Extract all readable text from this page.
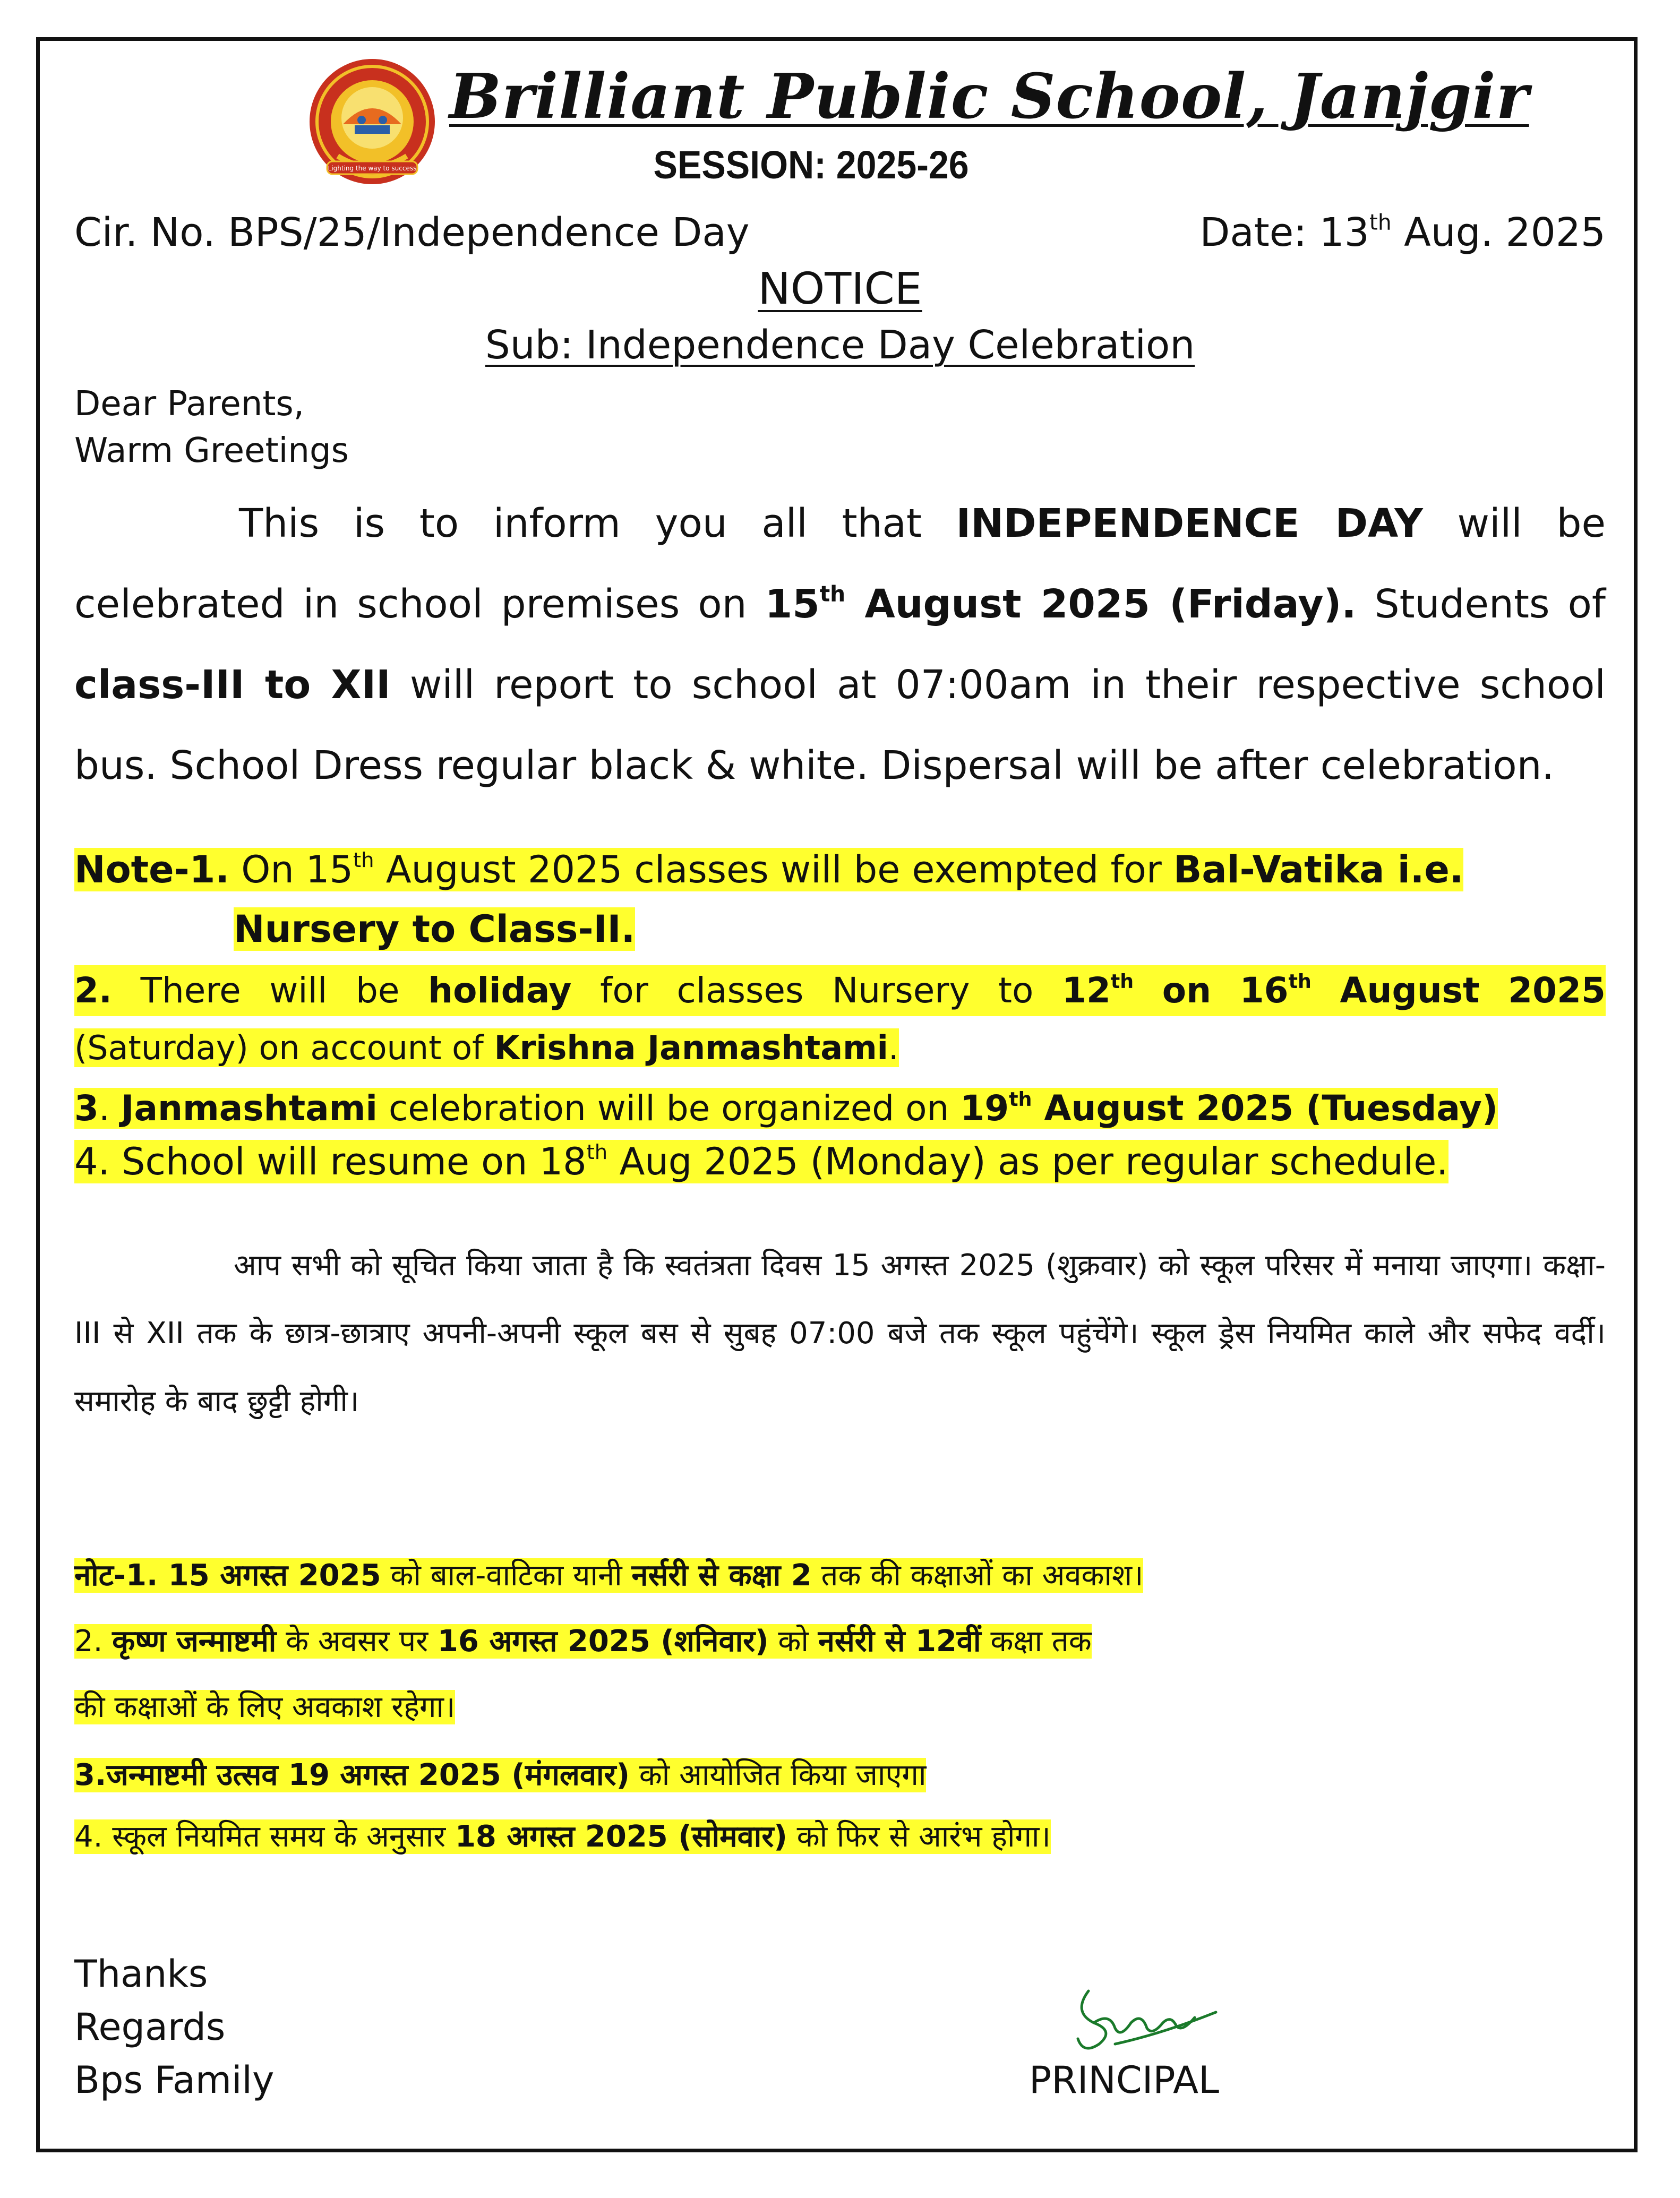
Lighting the way to success
Brilliant Public School, Janjgir
SESSION: 2025-26
Cir. No. BPS/25/Independence Day	Date: 13th Aug. 2025
NOTICE
Sub: Independence Day Celebration
Dear Parents,
Warm Greetings
This is to inform you all that INDEPENDENCE DAY will be celebrated in school premises on 15th August 2025 (Friday). Students of class-III to XII will report to school at 07:00am in their respective school bus. School Dress regular black & white. Dispersal will be after celebration.
Note-1. On 15th August 2025 classes will be exempted for Bal-Vatika i.e.
Nursery to Class-II.
2. There will be holiday for classes Nursery to 12th on 16th August 2025
(Saturday) on account of Krishna Janmashtami.
3. Janmashtami celebration will be organized on 19th August 2025 (Tuesday)
4. School will resume on 18th Aug 2025 (Monday) as per regular schedule.
आप सभी को सूचित किया जाता है कि स्वतंत्रता दिवस 15 अगस्त 2025 (शुक्रवार) को स्कूल परिसर में मनाया जाएगा। कक्षा-III से XII तक के छात्र-छात्राए अपनी-अपनी स्कूल बस से सुबह 07:00 बजे तक स्कूल पहुंचेंगे। स्कूल ड्रेस नियमित काले और सफेद वर्दी। समारोह के बाद छुट्टी होगी।
नोट-1. 15 अगस्त 2025 को बाल-वाटिका यानी नर्सरी से कक्षा 2 तक की कक्षाओं का अवकाश।
2. कृष्ण जन्माष्टमी के अवसर पर 16 अगस्त 2025 (शनिवार) को नर्सरी से 12वीं कक्षा तक
की कक्षाओं के लिए अवकाश रहेगा।
3.जन्माष्टमी उत्सव 19 अगस्त 2025 (मंगलवार) को आयोजित किया जाएगा
4. स्कूल नियमित समय के अनुसार 18 अगस्त 2025 (सोमवार) को फिर से आरंभ होगा।
Thanks
Regards
Bps Family	PRINCIPAL
